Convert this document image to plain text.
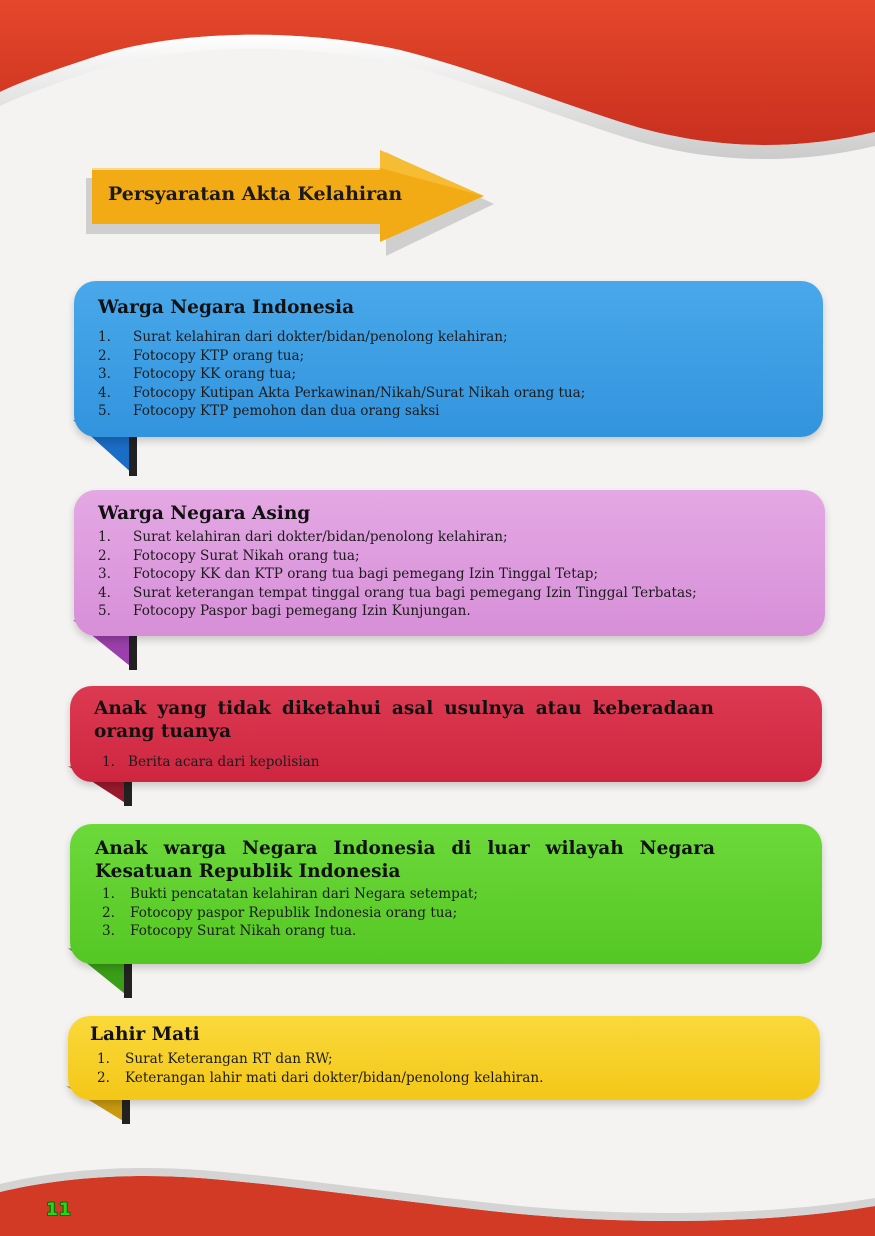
Persyaratan Akta Kelahiran
Warga Negara Indonesia
1. Surat kelahiran dari dokter/bidan/penolong kelahiran;
2. Fotocopy KTP orang tua;
3. Fotocopy KK orang tua;
4. Fotocopy Kutipan Akta Perkawinan/Nikah/Surat Nikah orang tua;
5. Fotocopy KTP pemohon dan dua orang saksi
Warga Negara Asing
1. Surat kelahiran dari dokter/bidan/penolong kelahiran;
2. Fotocopy Surat Nikah orang tua;
3. Fotocopy KK dan KTP orang tua bagi pemegang Izin Tinggal Tetap;
4. Surat keterangan tempat tinggal orang tua bagi pemegang Izin Tinggal Terbatas;
5. Fotocopy Paspor bagi pemegang Izin Kunjungan.
Anak yang tidak diketahui asal usulnya atau keberadaan
orang tuanya
1. Berita acara dari kepolisian
Anak warga Negara Indonesia di luar wilayah Negara
Kesatuan Republik Indonesia
1. Bukti pencatatan kelahiran dari Negara setempat;
2. Fotocopy paspor Republik Indonesia orang tua;
3. Fotocopy Surat Nikah orang tua.
Lahir Mati
1. Surat Keterangan RT dan RW;
2. Keterangan lahir mati dari dokter/bidan/penolong kelahiran.
11
